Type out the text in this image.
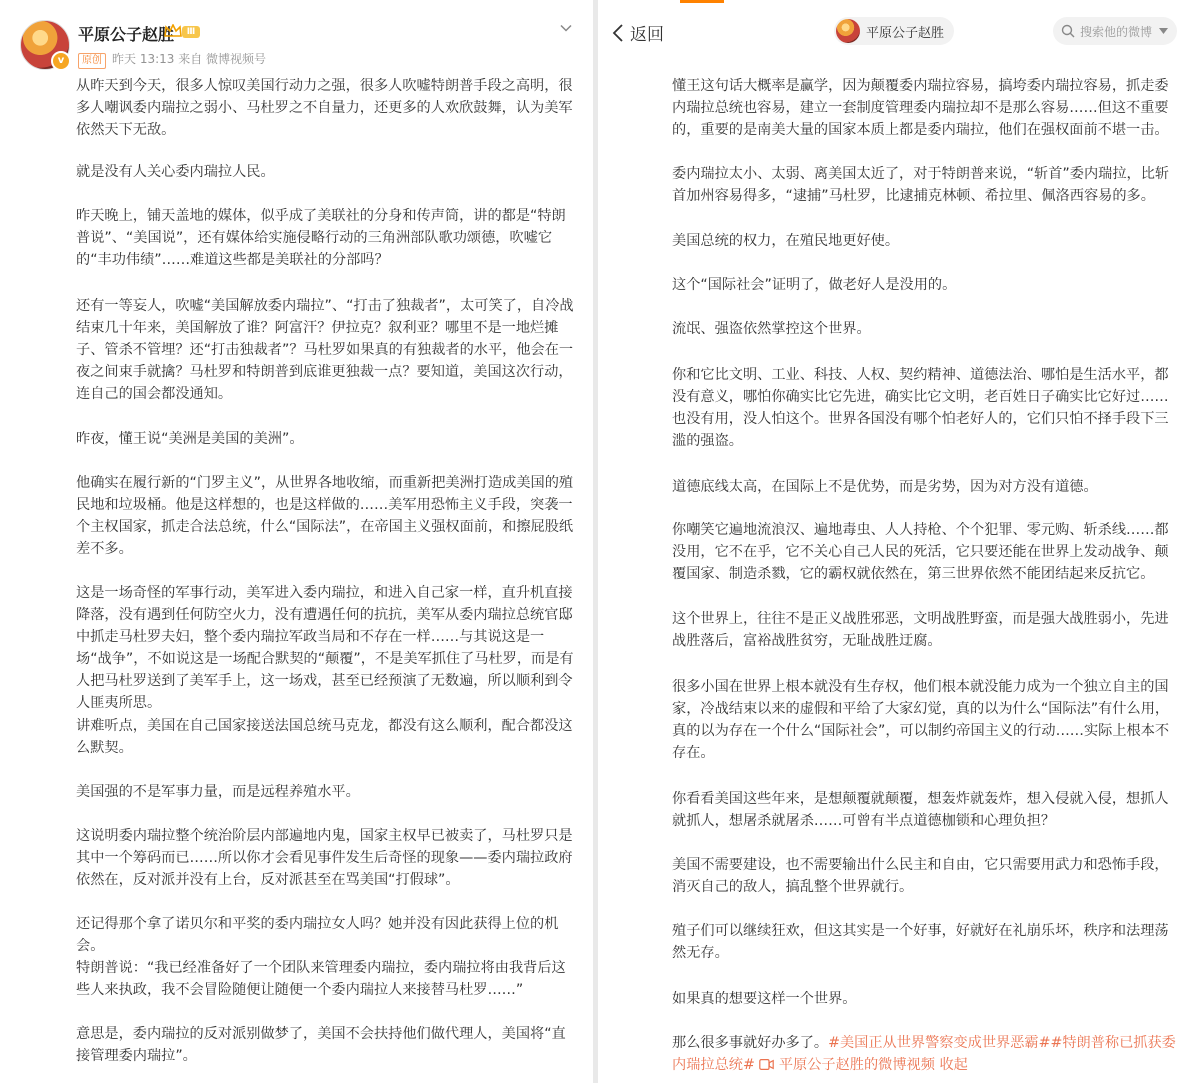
v
平原公子赵胜	Ⅲ
原创 昨天 13:13 来自 微博视频号

从昨天到今天，很多人惊叹美国行动力之强，很多人吹嘘特朗普手段之高明，很多人嘲讽委内瑞拉之弱小、马杜罗之不自量力，还更多的人欢欣鼓舞，认为美军依然天下无敌。

就是没有人关心委内瑞拉人民。

昨天晚上，铺天盖地的媒体，似乎成了美联社的分身和传声筒，讲的都是“特朗普说”、“美国说”，还有媒体给实施侵略行动的三角洲部队歌功颂德，吹嘘它的“丰功伟绩”……难道这些都是美联社的分部吗？

还有一等妄人，吹嘘“美国解放委内瑞拉”、“打击了独裁者”，太可笑了，自冷战结束几十年来，美国解放了谁？阿富汗？伊拉克？叙利亚？哪里不是一地烂摊子、管杀不管埋？还“打击独裁者”？马杜罗如果真的有独裁者的水平，他会在一夜之间束手就擒？马杜罗和特朗普到底谁更独裁一点？要知道，美国这次行动，连自己的国会都没通知。

昨夜，懂王说“美洲是美国的美洲”。

他确实在履行新的“门罗主义”，从世界各地收缩，而重新把美洲打造成美国的殖民地和垃圾桶。他是这样想的，也是这样做的……美军用恐怖主义手段，突袭一个主权国家，抓走合法总统，什么“国际法”，在帝国主义强权面前，和擦屁股纸差不多。

这是一场奇怪的军事行动，美军进入委内瑞拉，和进入自己家一样，直升机直接降落，没有遇到任何防空火力，没有遭遇任何的抗抗，美军从委内瑞拉总统官邸中抓走马杜罗夫妇，整个委内瑞拉军政当局和不存在一样……与其说这是一场“战争”，不如说这是一场配合默契的“颠覆”，不是美军抓住了马杜罗，而是有人把马杜罗送到了美军手上，这一场戏，甚至已经预演了无数遍，所以顺利到令人匪夷所思。

讲难听点，美国在自己国家接送法国总统马克龙，都没有这么顺利，配合都没这么默契。

美国强的不是军事力量，而是远程养殖水平。

这说明委内瑞拉整个统治阶层内部遍地内鬼，国家主权早已被卖了，马杜罗只是其中一个筹码而已……所以你才会看见事件发生后奇怪的现象——委内瑞拉政府依然在，反对派并没有上台，反对派甚至在骂美国“打假球”。

还记得那个拿了诺贝尔和平奖的委内瑞拉女人吗？她并没有因此获得上位的机会。

特朗普说：“我已经准备好了一个团队来管理委内瑞拉，委内瑞拉将由我背后这些人来执政，我不会冒险随便让随便一个委内瑞拉人来接替马杜罗……”

意思是，委内瑞拉的反对派别做梦了，美国不会扶持他们做代理人，美国将“直接管理委内瑞拉”。

返回	平原公子赵胜	搜索他的微博

懂王这句话大概率是赢学，因为颠覆委内瑞拉容易，搞垮委内瑞拉容易，抓走委内瑞拉总统也容易，建立一套制度管理委内瑞拉却不是那么容易……但这不重要的，重要的是南美大量的国家本质上都是委内瑞拉，他们在强权面前不堪一击。

委内瑞拉太小、太弱、离美国太近了，对于特朗普来说，“斩首”委内瑞拉，比斩首加州容易得多，“逮捕”马杜罗，比逮捕克林顿、希拉里、佩洛西容易的多。

美国总统的权力，在殖民地更好使。

这个“国际社会”证明了，做老好人是没用的。

流氓、强盗依然掌控这个世界。

你和它比文明、工业、科技、人权、契约精神、道德法治、哪怕是生活水平，都没有意义，哪怕你确实比它先进，确实比它文明，老百姓日子确实比它好过……也没有用，没人怕这个。世界各国没有哪个怕老好人的，它们只怕不择手段下三滥的强盗。

道德底线太高，在国际上不是优势，而是劣势，因为对方没有道德。

你嘲笑它遍地流浪汉、遍地毒虫、人人持枪、个个犯罪、零元购、斩杀线……都没用，它不在乎，它不关心自己人民的死活，它只要还能在世界上发动战争、颠覆国家、制造杀戮，它的霸权就依然在，第三世界依然不能团结起来反抗它。

这个世界上，往往不是正义战胜邪恶，文明战胜野蛮，而是强大战胜弱小，先进战胜落后，富裕战胜贫穷，无耻战胜迂腐。

很多小国在世界上根本就没有生存权，他们根本就没能力成为一个独立自主的国家，冷战结束以来的虚假和平给了大家幻觉，真的以为什么“国际法”有什么用，真的以为存在一个什么“国际社会”，可以制约帝国主义的行动……实际上根本不存在。

你看看美国这些年来，是想颠覆就颠覆，想轰炸就轰炸，想入侵就入侵，想抓人就抓人，想屠杀就屠杀……可曾有半点道德枷锁和心理负担？

美国不需要建设，也不需要输出什么民主和自由，它只需要用武力和恐怖手段，消灭自己的敌人，搞乱整个世界就行。

殖子们可以继续狂欢，但这其实是一个好事，好就好在礼崩乐坏，秩序和法理荡然无存。

如果真的想要这样一个世界。

那么很多事就好办多了。#美国正从世界警察变成世界恶霸##特朗普称已抓获委内瑞拉总统# 平原公子赵胜的微博视频 收起
